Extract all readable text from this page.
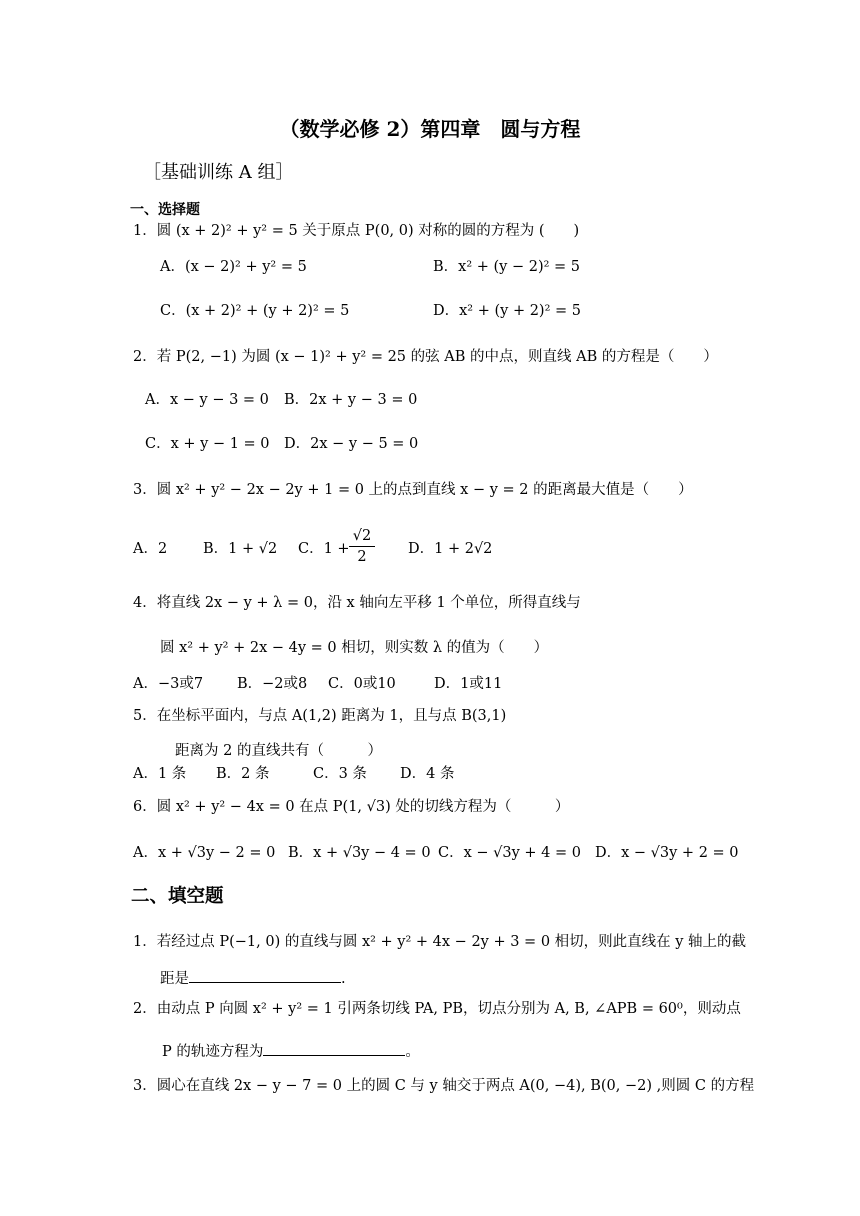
（数学必修 2）第四章　圆与方程
［基础训练 A 组］
一、选择题
1．圆 (x + 2)² + y² = 5 关于原点 P(0, 0) 对称的圆的方程为 (　　)
A．(x − 2)² + y² = 5	B．x² + (y − 2)² = 5
C．(x + 2)² + (y + 2)² = 5	D．x² + (y + 2)² = 5
2．若 P(2, −1) 为圆 (x − 1)² + y² = 25 的弦 AB 的中点，则直线 AB 的方程是（　　）
A．x − y − 3 = 0 B．2x + y − 3 = 0
C．x + y − 1 = 0 D．2x − y − 5 = 0
3．圆 x² + y² − 2x − 2y + 1 = 0 上的点到直线 x − y = 2 的距离最大值是（　　）
A．2 B．1 + √2 C．1 +
√2
2	D．1 + 2√2
4．将直线 2x − y + λ = 0，沿 x 轴向左平移 1 个单位，所得直线与
圆 x² + y² + 2x − 4y = 0 相切，则实数 λ 的值为（　　）
A．−3或7 B．−2或8 C．0或10	D．1或11
5．在坐标平面内，与点 A(1,2) 距离为 1，且与点 B(3,1)
距离为 2 的直线共有（　　　）
A．1 条 B．2 条	C．3 条 D．4 条
6．圆 x² + y² − 4x = 0 在点 P(1, √3) 处的切线方程为（　　　）
A．x + √3y − 2 = 0 B．x + √3y − 4 = 0 C．x − √3y + 4 = 0 D．x − √3y + 2 = 0
二、填空题
1．若经过点 P(−1, 0) 的直线与圆 x² + y² + 4x − 2y + 3 = 0 相切，则此直线在 y 轴上的截
距是	.
2．由动点 P 向圆 x² + y² = 1 引两条切线 PA, PB，切点分别为 A, B, ∠APB = 60⁰，则动点
P 的轨迹方程为	。
3．圆心在直线 2x − y − 7 = 0 上的圆 C 与 y 轴交于两点 A(0, −4), B(0, −2) ,则圆 C 的方程
